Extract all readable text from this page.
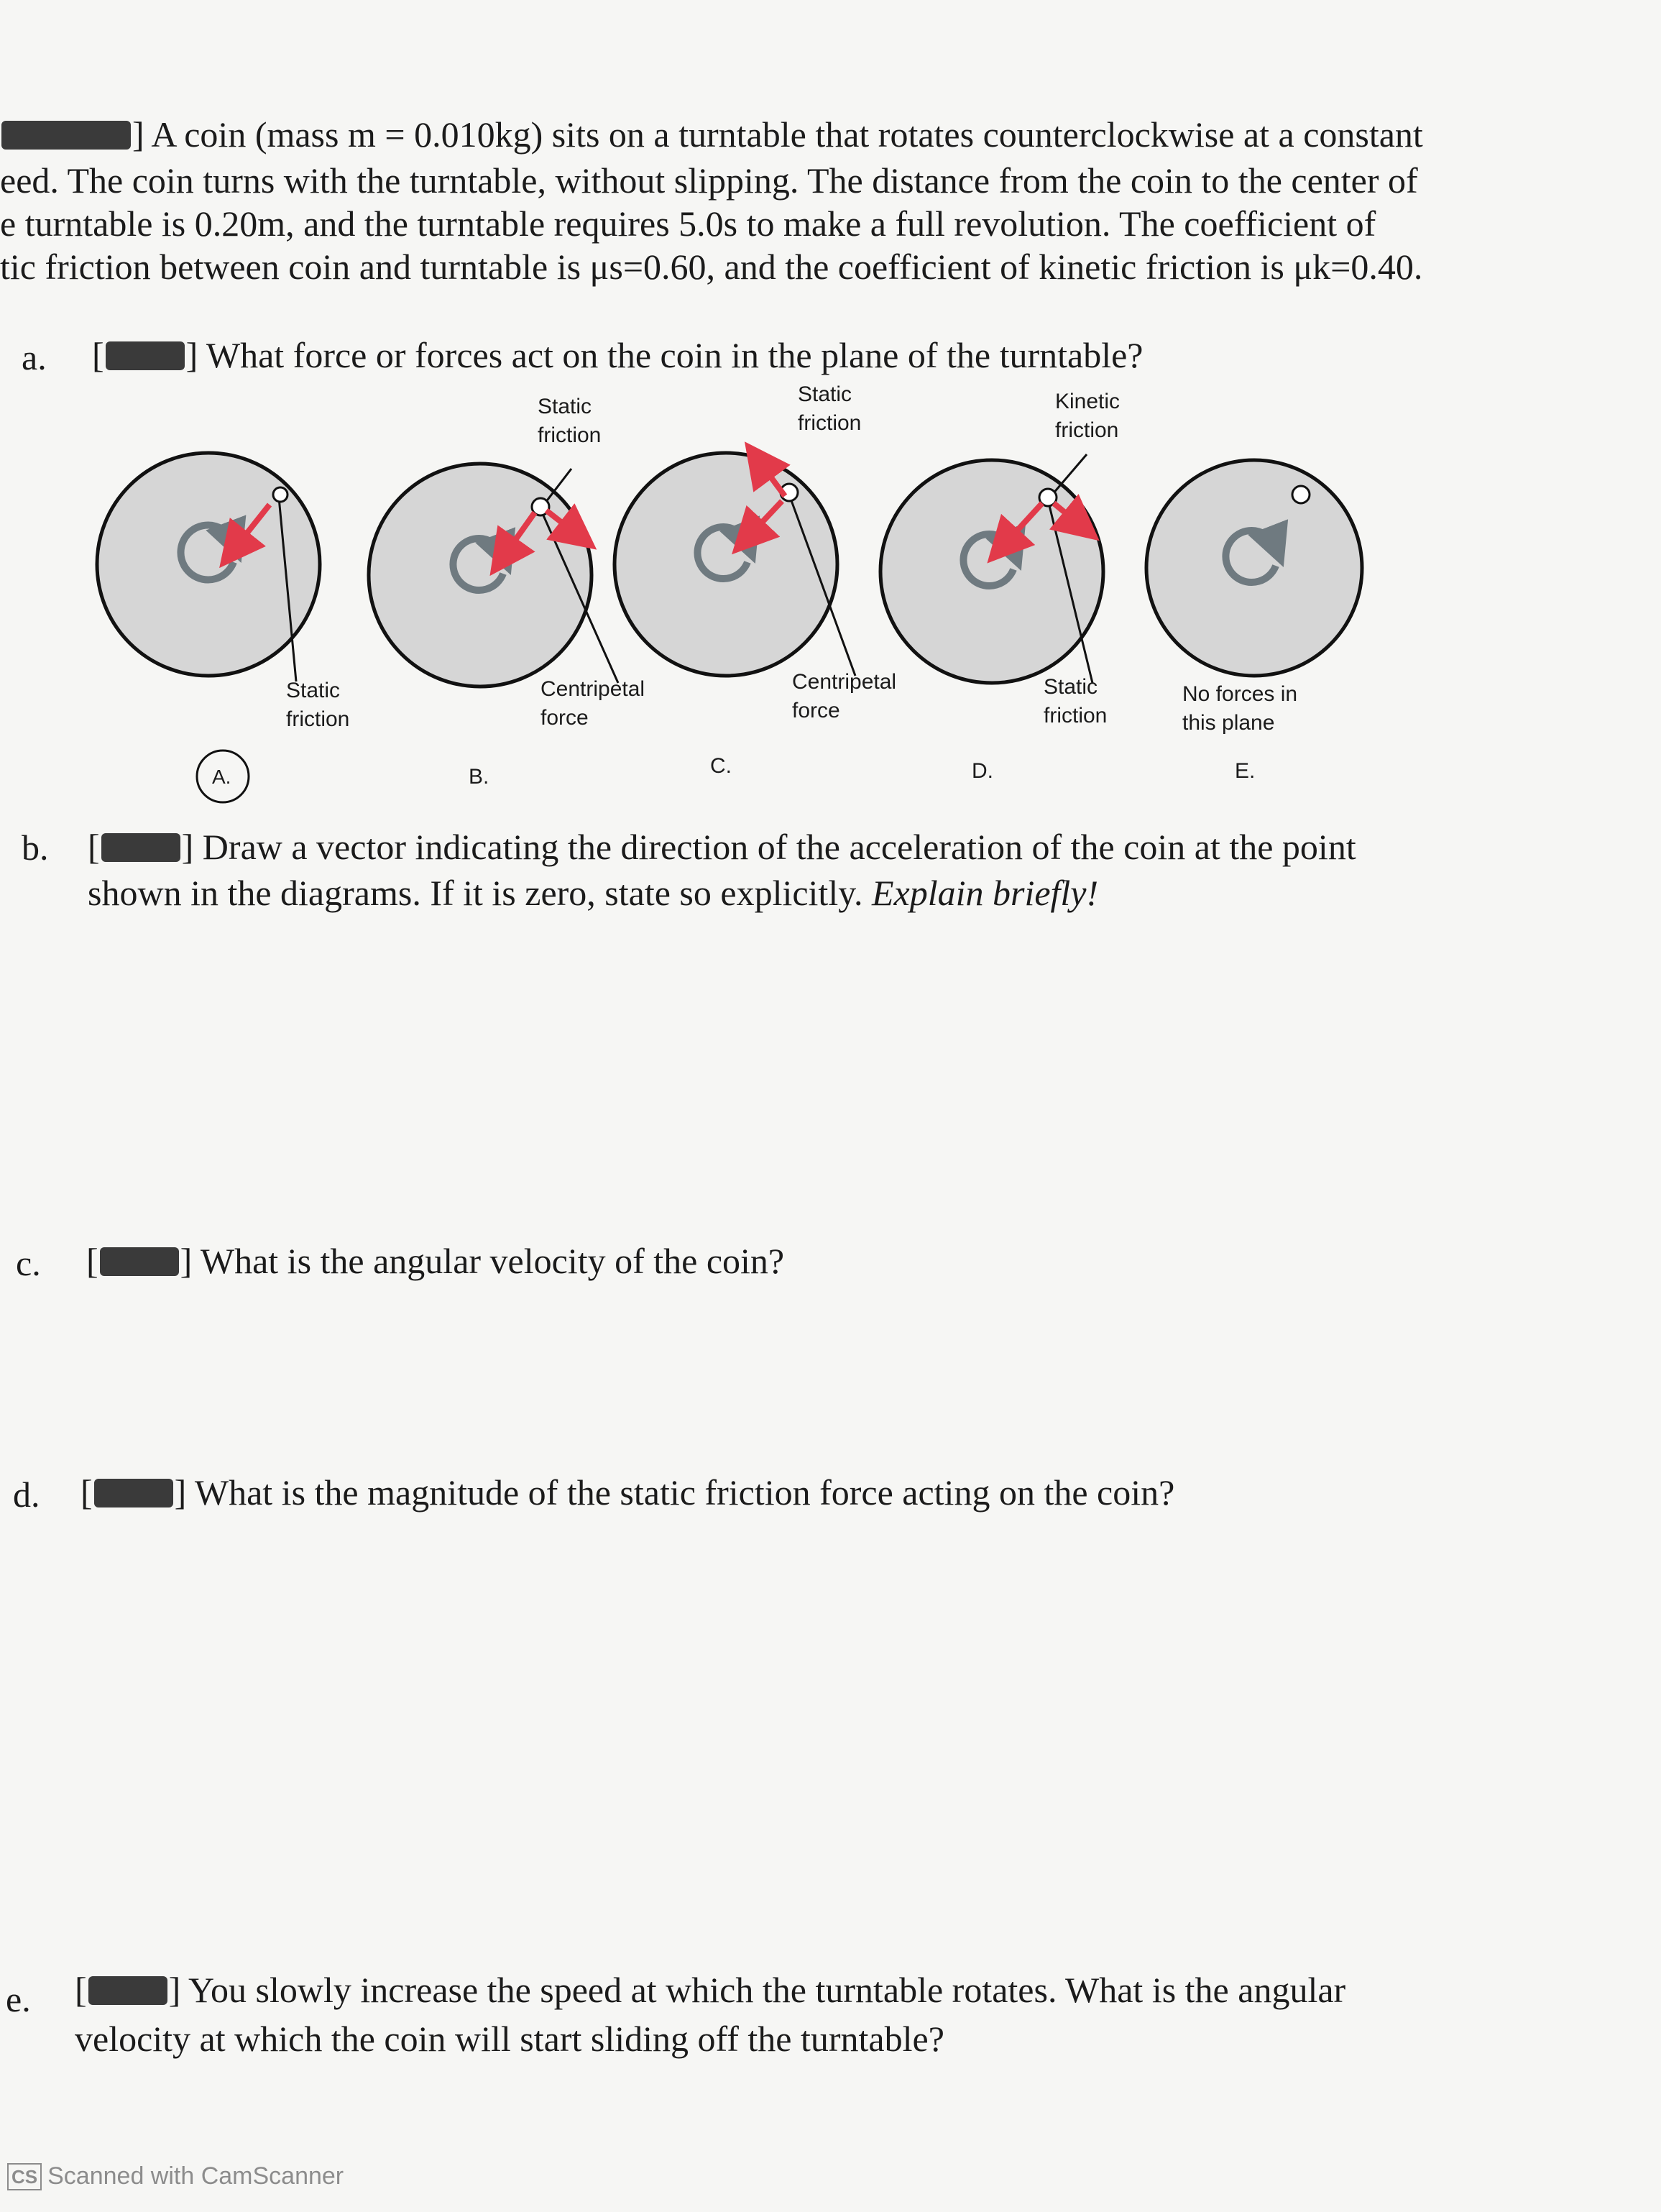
] A coin (mass m = 0.010kg) sits on a turntable that rotates counterclockwise at a constant
eed. The coin turns with the turntable, without slipping. The distance from the coin to the center of
e turntable is 0.20m, and the turntable requires 5.0s to make a full revolution. The coefficient of
tic friction between coin and turntable is μs=0.60, and the coefficient of kinetic friction is μk=0.40.
a. [ ] What force or forces act on the coin in the plane of the turntable?
Static
friction
Static
friction
Kinetic
friction
Static
friction
Centripetal
force
Centripetal
force
Static
friction
No forces in
this plane
A.	B.	C.	D.	E.
b. [ ] Draw a vector indicating the direction of the acceleration of the coin at the point
shown in the diagrams. If it is zero, state so explicitly. Explain briefly!
c. [ ] What is the angular velocity of the coin?
d. [ ] What is the magnitude of the static friction force acting on the coin?
e. [ ] You slowly increase the speed at which the turntable rotates. What is the angular
velocity at which the coin will start sliding off the turntable?
CS Scanned with CamScanner
